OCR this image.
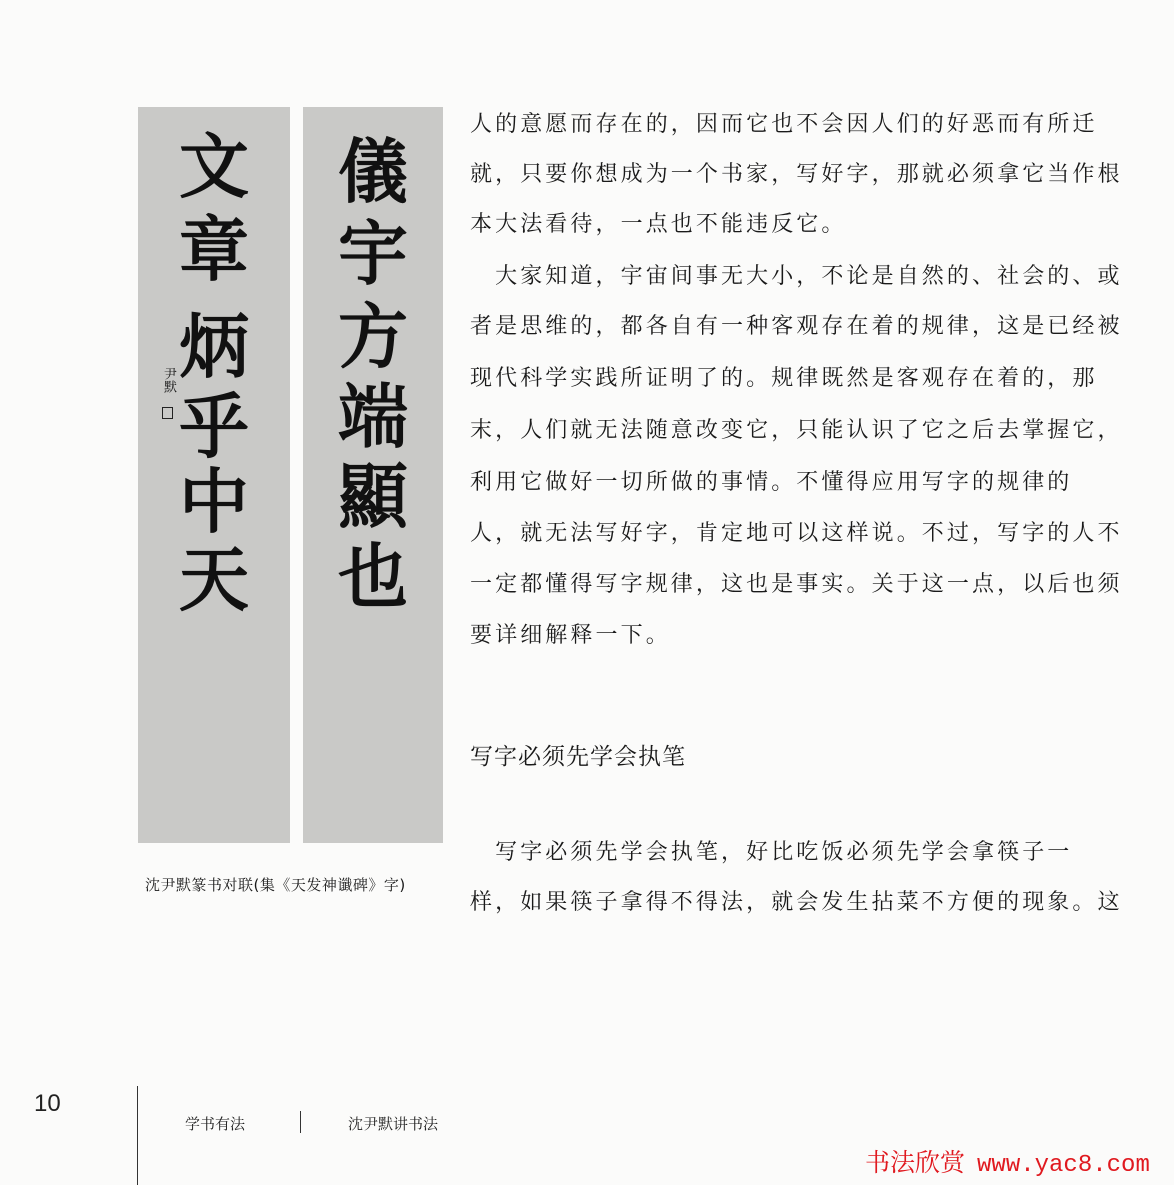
文
章
炳
乎
中
天
尹默
儀
宇
方
端
顯
也
沈尹默篆书对联(集《天发神谶碑》字)
人的意愿而存在的，因而它也不会因人们的好恶而有所迁
就，只要你想成为一个书家，写好字，那就必须拿它当作根
本大法看待，一点也不能违反它。
　大家知道，宇宙间事无大小，不论是自然的、社会的、或
者是思维的，都各自有一种客观存在着的规律，这是已经被
现代科学实践所证明了的。规律既然是客观存在着的，那
末，人们就无法随意改变它，只能认识了它之后去掌握它，
利用它做好一切所做的事情。不懂得应用写字的规律的
人，就无法写好字，肯定地可以这样说。不过，写字的人不
一定都懂得写字规律，这也是事实。关于这一点，以后也须
要详细解释一下。
写字必须先学会执笔
　写字必须先学会执笔，好比吃饭必须先学会拿筷子一
样，如果筷子拿得不得法，就会发生拈菜不方便的现象。这
10
学书有法	沈尹默讲书法
书法欣赏 www.yac8.com
